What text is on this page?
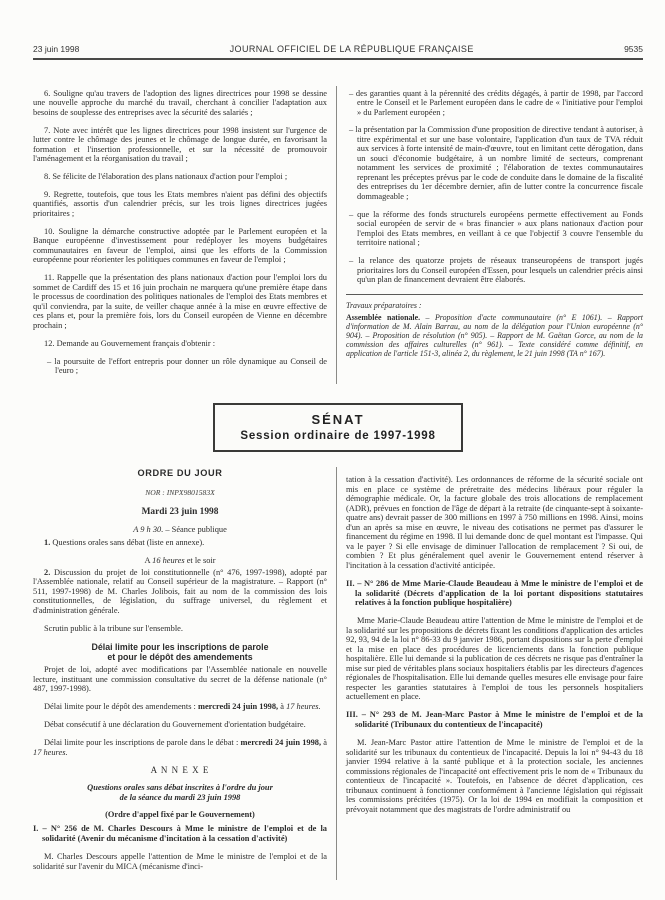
23 juin 1998	JOURNAL OFFICIEL DE LA RÉPUBLIQUE FRANÇAISE	9535

6. Souligne qu'au travers de l'adoption des lignes directrices pour 1998 se dessine une nouvelle approche du marché du travail, cherchant à concilier l'adaptation aux besoins de souplesse des entreprises avec la sécurité des salariés ;

7. Note avec intérêt que les lignes directrices pour 1998 insistent sur l'urgence de lutter contre le chômage des jeunes et le chômage de longue durée, en favorisant la formation et l'insertion professionnelle, et sur la nécessité de promouvoir l'aménagement et la réorganisation du travail ;

8. Se félicite de l'élaboration des plans nationaux d'action pour l'emploi ;

9. Regrette, toutefois, que tous les Etats membres n'aient pas défini des objectifs quantifiés, assortis d'un calendrier précis, sur les trois lignes directrices jugées prioritaires ;

10. Souligne la démarche constructive adoptée par le Parlement européen et la Banque européenne d'investissement pour redéployer les moyens budgétaires communautaires en faveur de l'emploi, ainsi que les efforts de la Commission européenne pour réorienter les politiques communes en faveur de l'emploi ;

11. Rappelle que la présentation des plans nationaux d'action pour l'emploi lors du sommet de Cardiff des 15 et 16 juin prochain ne marquera qu'une première étape dans le processus de coordination des politiques nationales de l'emploi des Etats membres et qu'il conviendra, par la suite, de veiller chaque année à la mise en œuvre effective de ces plans et, pour la première fois, lors du Conseil européen de Vienne en décembre prochain ;

12. Demande au Gouvernement français d'obtenir :

– la poursuite de l'effort entrepris pour donner un rôle dynamique au Conseil de l'euro ;

– des garanties quant à la pérennité des crédits dégagés, à partir de 1998, par l'accord entre le Conseil et le Parlement européen dans le cadre de « l'initiative pour l'emploi » du Parlement européen ;

– la présentation par la Commission d'une proposition de directive tendant à autoriser, à titre expérimental et sur une base volontaire, l'application d'un taux de TVA réduit aux services à forte intensité de main-d'œuvre, tout en limitant cette dérogation, dans un souci d'économie budgétaire, à un nombre limité de secteurs, comprenant notamment les services de proximité ; l'élaboration de textes communautaires reprenant les préceptes prévus par le code de conduite dans le domaine de la fiscalité des entreprises du 1er décembre dernier, afin de lutter contre la concurrence fiscale dommageable ;

– que la réforme des fonds structurels européens permette effectivement au Fonds social européen de servir de « bras financier » aux plans nationaux d'action pour l'emploi des Etats membres, en veillant à ce que l'objectif 3 couvre l'ensemble du territoire national ;

– la relance des quatorze projets de réseaux transeuropéens de transport jugés prioritaires lors du Conseil européen d'Essen, pour lesquels un calendrier précis ainsi qu'un plan de financement devraient être élaborés.

Travaux préparatoires :
Assemblée nationale. – Proposition d'acte communautaire (n° E 1061). – Rapport d'information de M. Alain Barrau, au nom de la délégation pour l'Union européenne (n° 904). – Proposition de résolution (n° 905). – Rapport de M. Gaëtan Gorce, au nom de la commission des affaires culturelles (n° 961). – Texte considéré comme définitif, en application de l'article 151-3, alinéa 2, du règlement, le 21 juin 1998 (TA n° 167).
SÉNAT
Session ordinaire de 1997-1998
ORDRE DU JOUR
NOR : INPX9801583X
Mardi 23 juin 1998
A 9 h 30. – Séance publique

1. Questions orales sans débat (liste en annexe).

A 16 heures et le soir

2. Discussion du projet de loi constitutionnelle (n° 476, 1997-1998), adopté par l'Assemblée nationale, relatif au Conseil supérieur de la magistrature. – Rapport (n° 511, 1997-1998) de M. Charles Jolibois, fait au nom de la commission des lois constitutionnelles, de législation, du suffrage universel, du règlement et d'administration générale.

Scrutin public à la tribune sur l'ensemble.

Délai limite pour les inscriptions de parole
et pour le dépôt des amendements

Projet de loi, adopté avec modifications par l'Assemblée nationale en nouvelle lecture, instituant une commission consultative du secret de la défense nationale (n° 487, 1997-1998).

Délai limite pour le dépôt des amendements : mercredi 24 juin 1998, à 17 heures.

Débat consécutif à une déclaration du Gouvernement d'orientation budgétaire.

Délai limite pour les inscriptions de parole dans le débat : mercredi 24 juin 1998, à 17 heures.

A N N E X E
Questions orales sans débat inscrites à l'ordre du jour
de la séance du mardi 23 juin 1998
(Ordre d'appel fixé par le Gouvernement)

I. – N° 256 de M. Charles Descours à Mme le ministre de l'emploi et de la solidarité (Avenir du mécanisme d'incitation à la cessation d'activité)

M. Charles Descours appelle l'attention de Mme le ministre de l'emploi et de la solidarité sur l'avenir du MICA (mécanisme d'inci-

tation à la cessation d'activité). Les ordonnances de réforme de la sécurité sociale ont mis en place ce système de préretraite des médecins libéraux pour réguler la démographie médicale. Or, la facture globale des trois allocations de remplacement (ADR), prévues en fonction de l'âge de départ à la retraite (de cinquante-sept à soixante-quatre ans) devrait passer de 300 millions en 1997 à 750 millions en 1998. Ainsi, moins d'un an après sa mise en œuvre, le niveau des cotisations ne permet pas d'assurer le financement du régime en 1998. Il lui demande donc de quel montant est l'impasse. Qui va le payer ? Si elle envisage de diminuer l'allocation de remplacement ? Si oui, de combien ? Et plus généralement quel avenir le Gouvernement entend réserver à l'incitation à la cessation d'activité anticipée.

II. – N° 286 de Mme Marie-Claude Beaudeau à Mme le ministre de l'emploi et de la solidarité (Décrets d'application de la loi portant dispositions statutaires relatives à la fonction publique hospitalière)

Mme Marie-Claude Beaudeau attire l'attention de Mme le ministre de l'emploi et de la solidarité sur les propositions de décrets fixant les conditions d'application des articles 92, 93, 94 de la loi n° 86-33 du 9 janvier 1986, portant dispositions sur la perte d'emploi et la mise en place des procédures de licenciements dans la fonction publique hospitalière. Elle lui demande si la publication de ces décrets ne risque pas d'entraîner la mise sur pied de véritables plans sociaux hospitaliers établis par les directeurs d'agences régionales de l'hospitalisation. Elle lui demande quelles mesures elle envisage pour faire respecter les garanties statutaires à l'emploi de tous les personnels hospitaliers actuellement en place.

III. – N° 293 de M. Jean-Marc Pastor à Mme le ministre de l'emploi et de la solidarité (Tribunaux du contentieux de l'incapacité)

M. Jean-Marc Pastor attire l'attention de Mme le ministre de l'emploi et de la solidarité sur les tribunaux du contentieux de l'incapacité. Depuis la loi n° 94-43 du 18 janvier 1994 relative à la santé publique et à la protection sociale, les anciennes commissions régionales de l'incapacité ont effectivement pris le nom de « Tribunaux du contentieux de l'incapacité ». Toutefois, en l'absence de décret d'application, ces tribunaux continuent à fonctionner conformément à l'ancienne législation qui régissait les commissions précitées (1975). Or la loi de 1994 en modifiait la composition et prévoyait notamment que des magistrats de l'ordre administratif ou
